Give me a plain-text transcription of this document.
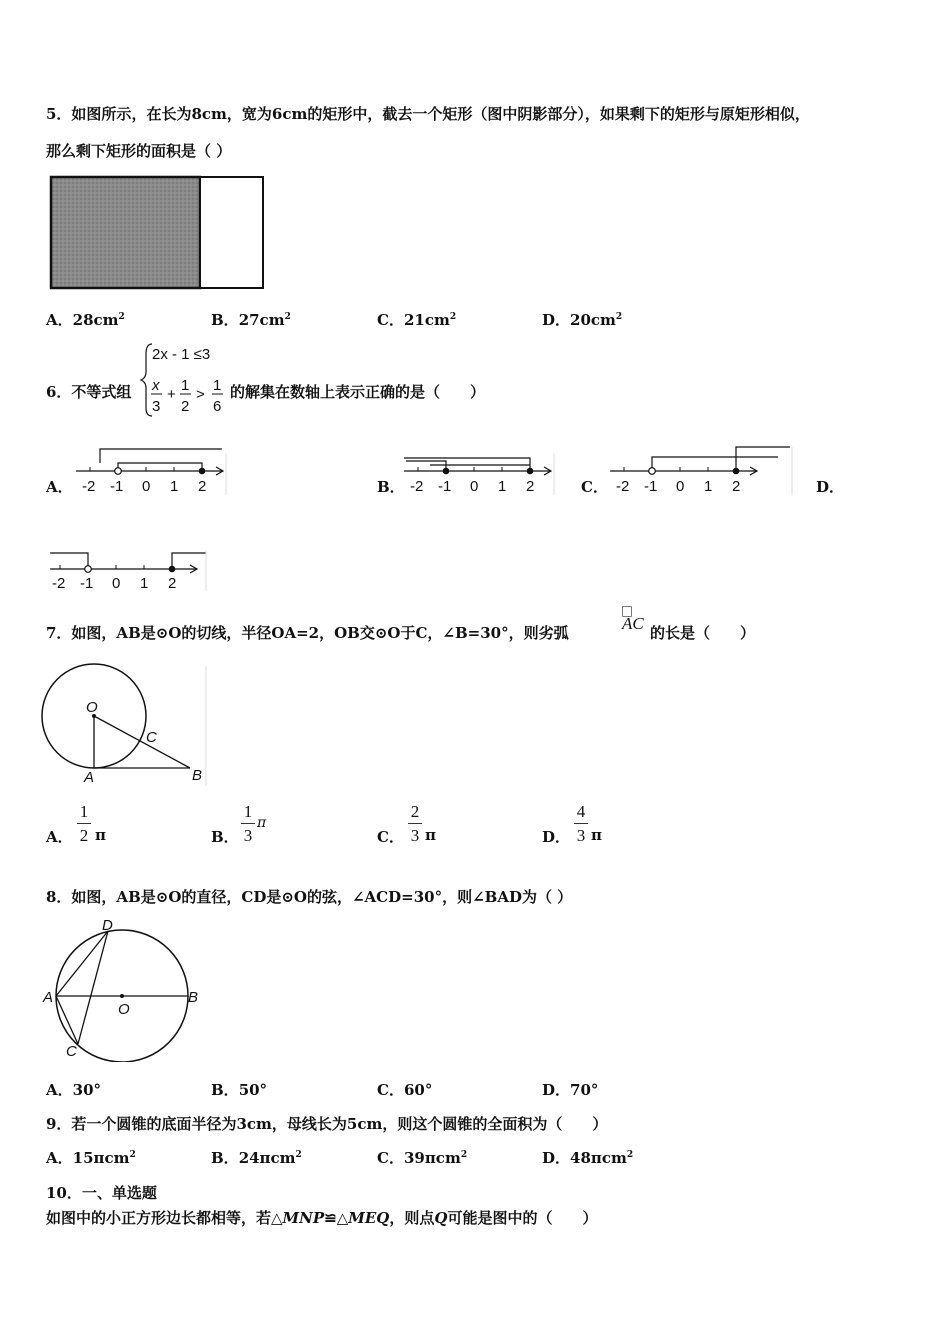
5．如图所示，在长为8cm，宽为6cm的矩形中，截去一个矩形（图中阴影部分），如果剩下的矩形与原矩形相似，
那么剩下矩形的面积是（ ）
A．$28cm^2$	B．$27cm^2$	C．$21cm^2$	D．$20cm^2$
6．不等式组
2x - 1 ≤3
x
3
+
1
2
>
1
6
的解集在数轴上表示正确的是（　　）
A． -2 -1 0 1 2	B． -2 -1 0 1 2	C． -2 -1 0 1 2	D．
-2 -1 0 1 2
7．如图，AB是⊙O的切线，半径OA=2，OB交⊙O于C，∠B=30°，则劣弧	AC 的长是（　　）
O
C
A	B
A．
1
2 π	B．
1
3
π
C．
2
3 π	D．
4
3 π
8．如图，AB是⊙O的直径，CD是⊙O的弦，∠ACD=30°，则∠BAD为（ ）
D
A
O
B
C
A．30°	B．50°	C．60°	D．70°
9．若一个圆锥的底面半径为3cm，母线长为5cm，则这个圆锥的全面积为（　　）
A．15πcm$^2$	B．24πcm$^2$	C．39πcm$^2$	D．48πcm$^2$
10．一、单选题
如图中的小正方形边长都相等，若△MNP≌△MEQ，则点Q可能是图中的（　　）
